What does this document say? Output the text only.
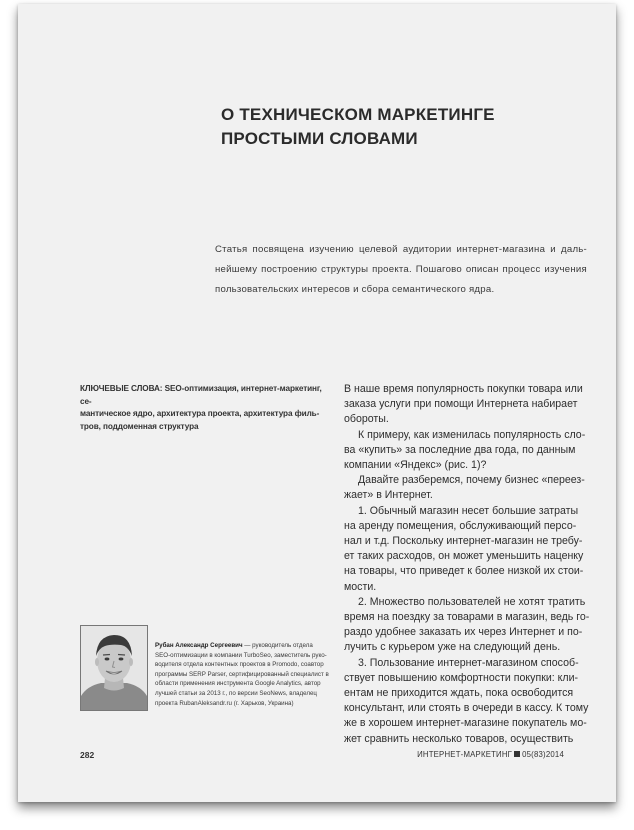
О ТЕХНИЧЕСКОМ МАРКЕТИНГЕ
ПРОСТЫМИ СЛОВАМИ

Статья посвящена изучению целевой аудитории интернет-магазина и даль-
нейшему построению структуры проекта. Пошагово описан процесс изучения
пользовательских интересов и сбора семантического ядра.

КЛЮЧЕВЫЕ СЛОВА: SEO-оптимизация, интернет-маркетинг, се-
мантическое ядро, архитектура проекта, архитектура филь-
тров, поддоменная структура

В наше время популярность покупки товара или
заказа услуги при помощи Интернета набирает
обороты.
К примеру, как изменилась популярность сло-
ва «купить» за последние два года, по данным
компании «Яндекс» (рис. 1)?
Давайте разберемся, почему бизнес «переез-
жает» в Интернет.
1. Обычный магазин несет большие затраты
на аренду помещения, обслуживающий персо-
нал и т.д. Поскольку интернет-магазин не требу-
ет таких расходов, он может уменьшить наценку
на товары, что приведет к более низкой их стои-
мости.
2. Множество пользователей не хотят тратить
время на поездку за товарами в магазин, ведь го-
раздо удобнее заказать их через Интернет и по-
лучить с курьером уже на следующий день.
3. Пользование интернет-магазином способ-
ствует повышению комфортности покупки: кли-
ентам не приходится ждать, пока освободится
консультант, или стоять в очереди в кассу. К тому
же в хорошем интернет-магазине покупатель мо-
жет сравнить несколько товаров, осуществить
Рубан Александр Сергеевич — руководитель отдела
SEO-оптимизации в компании TurboSeo, заместитель руко-
водителя отдела контентных проектов в Promodo, соавтор
программы SERP Parser, сертифицированный специалист в
области применения инструмента Google Analytics, автор
лучшей статьи за 2013 г., по версии SeoNews, владелец
проекта RubanAleksandr.ru (г. Харьков, Украина)
282	ИНТЕРНЕТ-МАРКЕТИНГ 05(83)2014
